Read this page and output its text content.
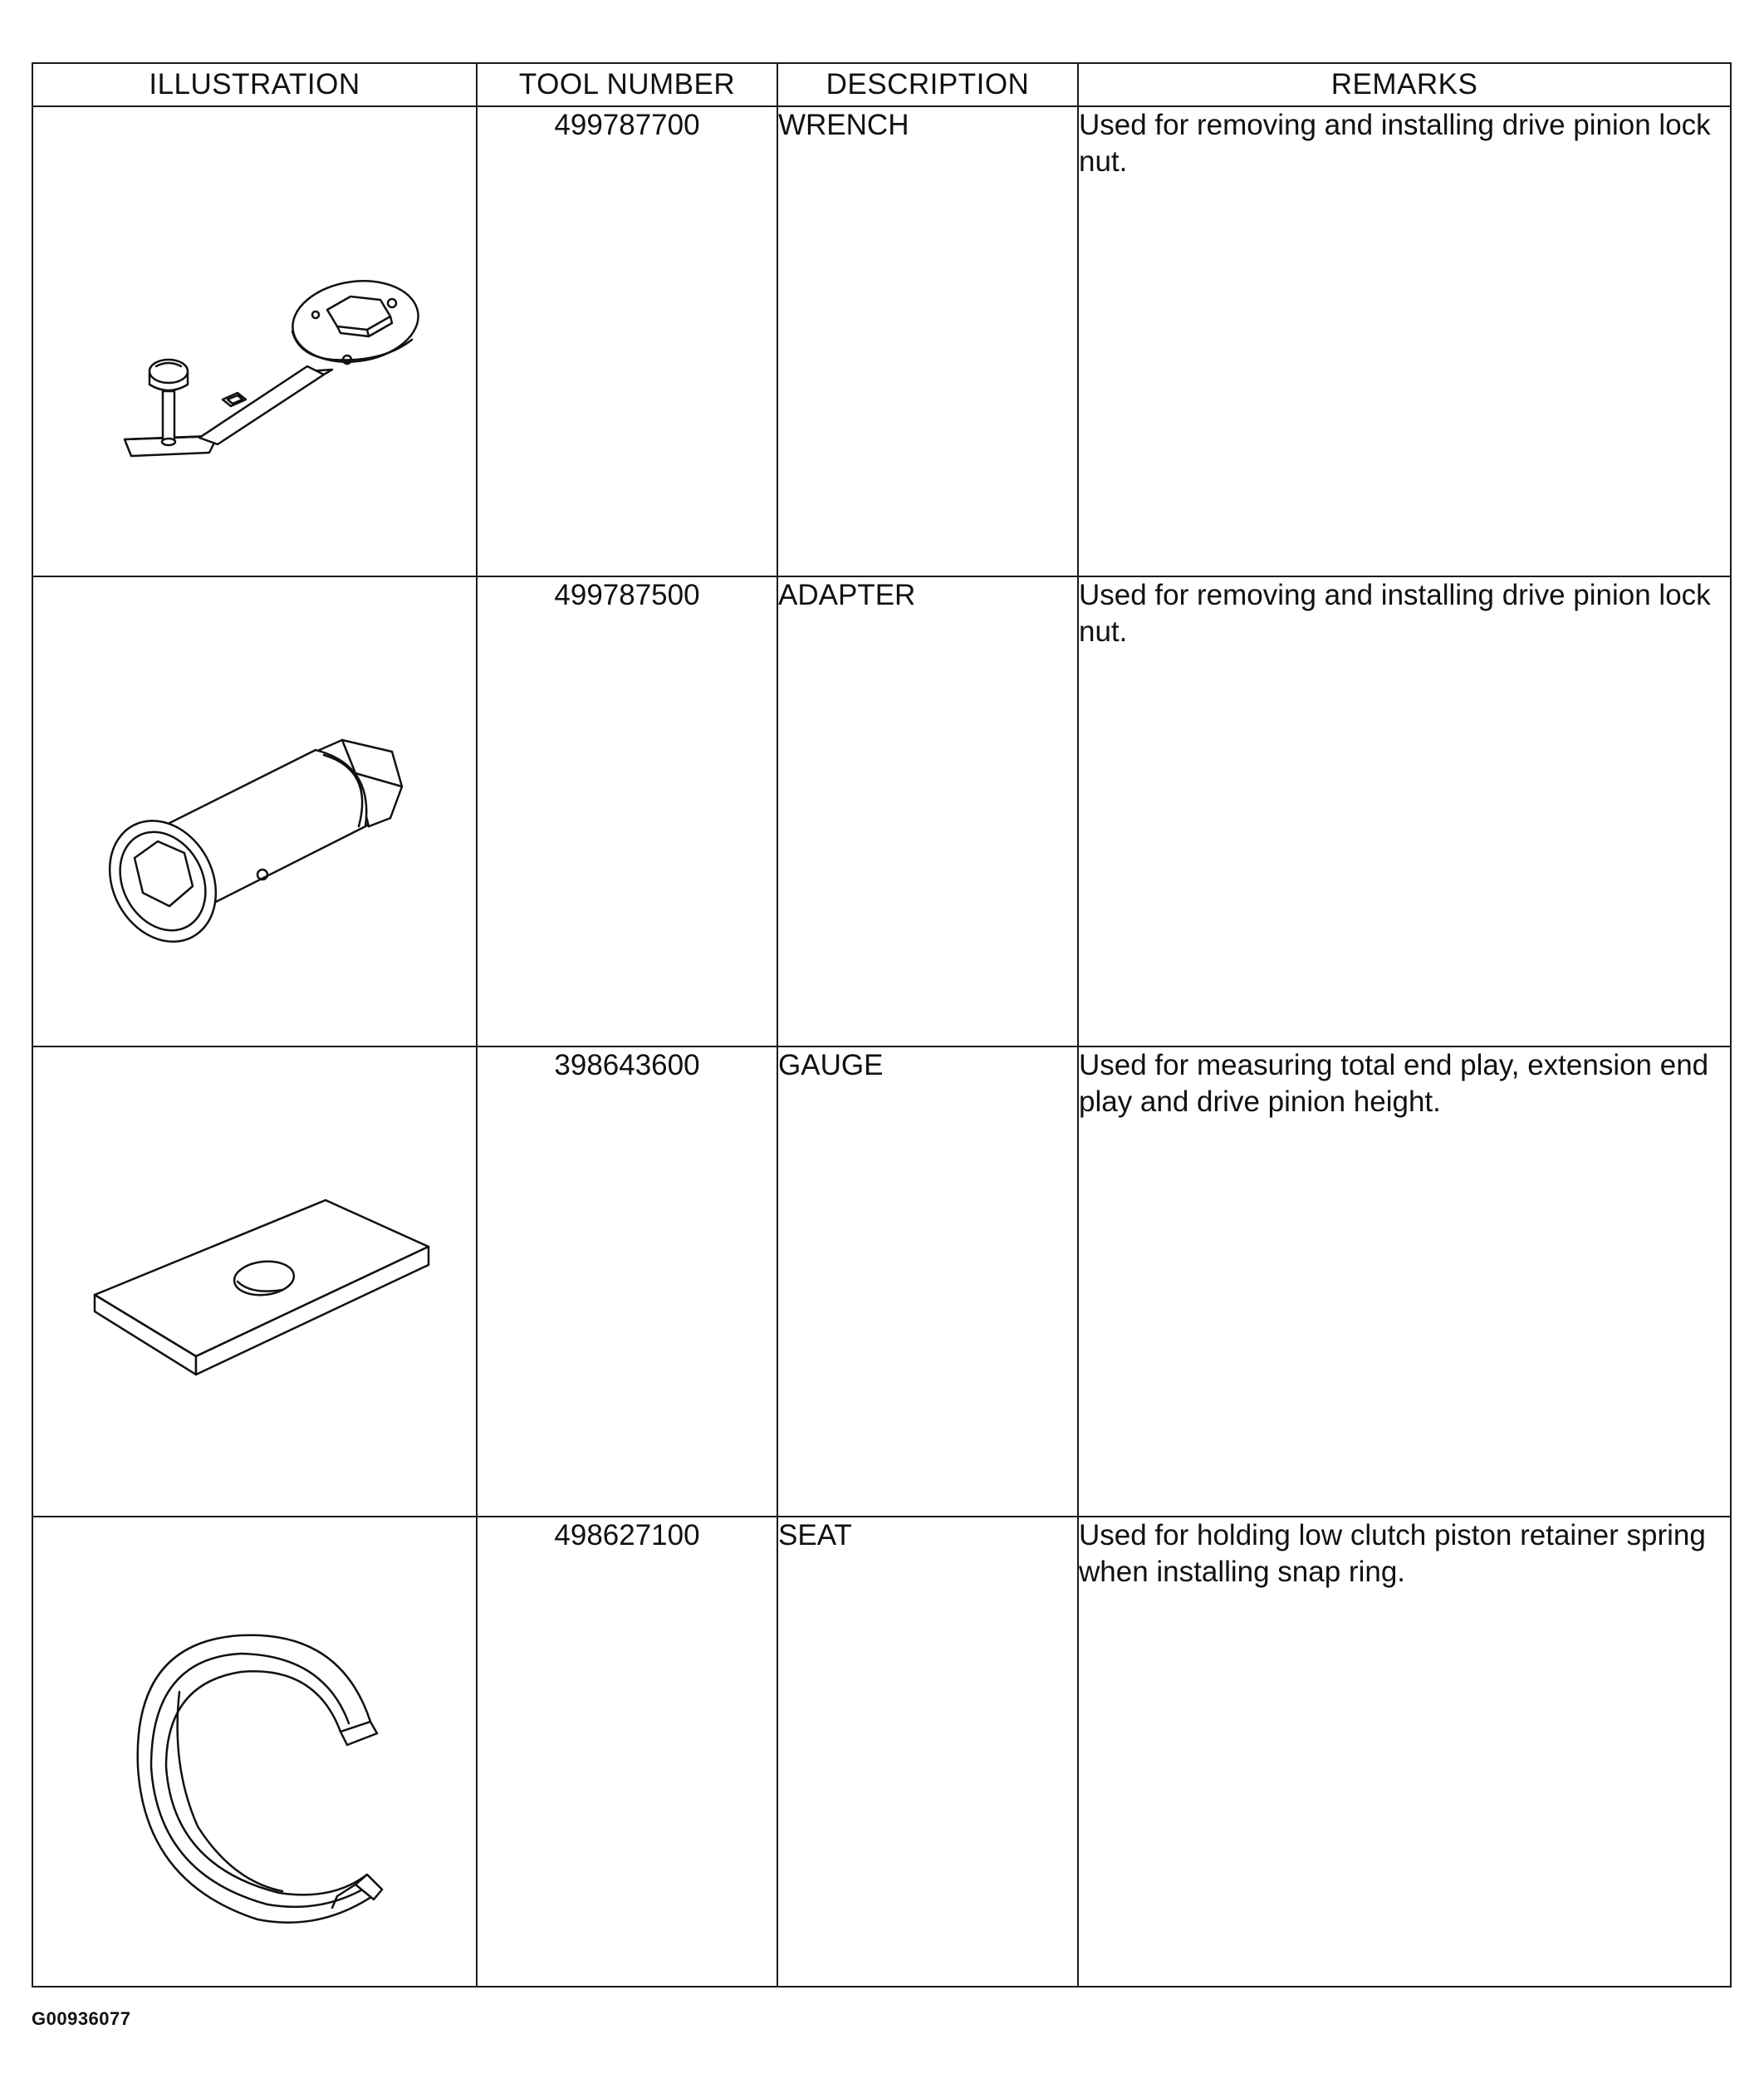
ILLUSTRATION	TOOL NUMBER	DESCRIPTION	REMARKS

	499787700	WRENCH	Used for removing and installing drive pinion lock nut.

	499787500	ADAPTER	Used for removing and installing drive pinion lock nut.

	398643600	GAUGE	Used for measuring total end play, extension end play and drive pinion height.

	498627100	SEAT	Used for holding low clutch piston retainer spring when installing snap ring.
G00936077
